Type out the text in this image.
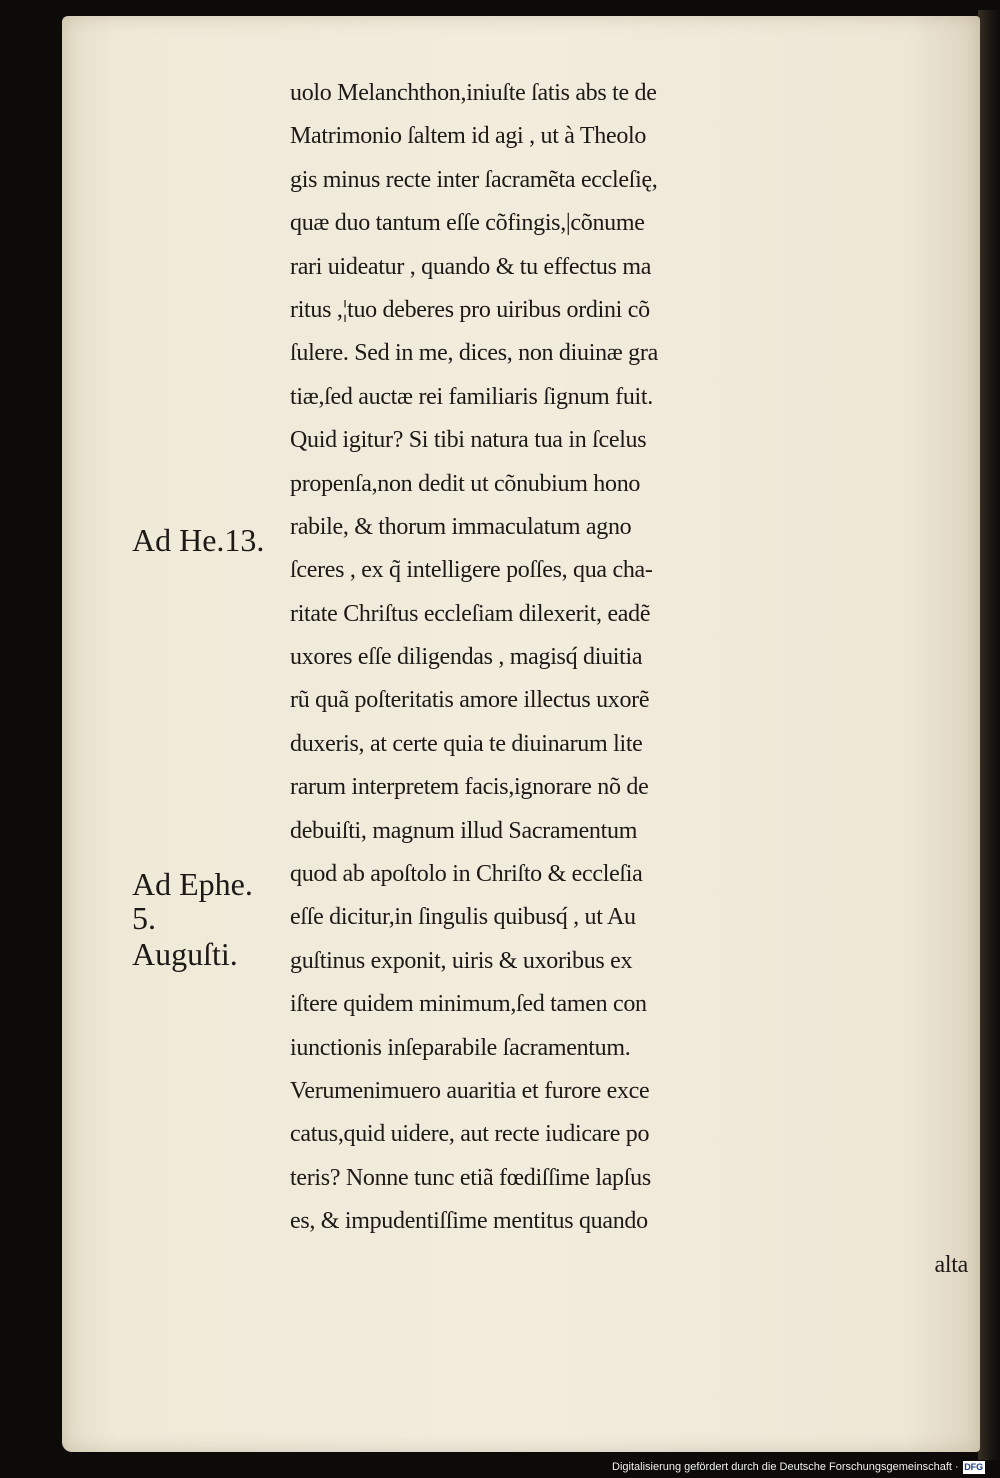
uolo Melanchthon,iniuſte ſatis abs te de
Matrimonio ſaltem id agi , ut à Theolo
gis minus recte inter ſacramẽta eccleſię,
quæ duo tantum eſſe cõfingis,|cõnume
rari uideatur , quando & tu effectus ma
ritus ,¦tuo deberes pro uiribus ordini cõ
ſulere. Sed in me, dices, non diuinæ gra
tiæ,ſed auctæ rei familiaris ſignum fuit.
Quid igitur? Si tibi natura tua in ſcelus
propenſa,non dedit ut cõnubium hono
rabile, & thorum immaculatum agno
ſceres , ex q̃ intelligere poſſes, qua cha-
ritate Chriſtus eccleſiam dilexerit, eadẽ
uxores eſſe diligendas , magisq́ diuitia
rũ quã poſteritatis amore illectus uxorẽ
duxeris, at certe quia te diuinarum lite
rarum interpretem facis,ignorare nõ de
debuiſti, magnum illud Sacramentum
quod ab apoſtolo in Chriſto & eccleſia
eſſe dicitur,in ſingulis quibusq́ , ut Au
guſtinus exponit, uiris & uxoribus ex
iſtere quidem minimum,ſed tamen con
iunctionis inſeparabile ſacramentum.
Verumenimuero auaritia et furore exce
catus,quid uidere, aut recte iudicare po
teris? Nonne tunc etiã fœdiſſime lapſus
es, & impudentiſſime mentitus quando
alta
Ad He.13.
Ad Ephe.
5.
Auguſti.
Digitalisierung gefördert durch die Deutsche Forschungsgemeinschaft · DFG
